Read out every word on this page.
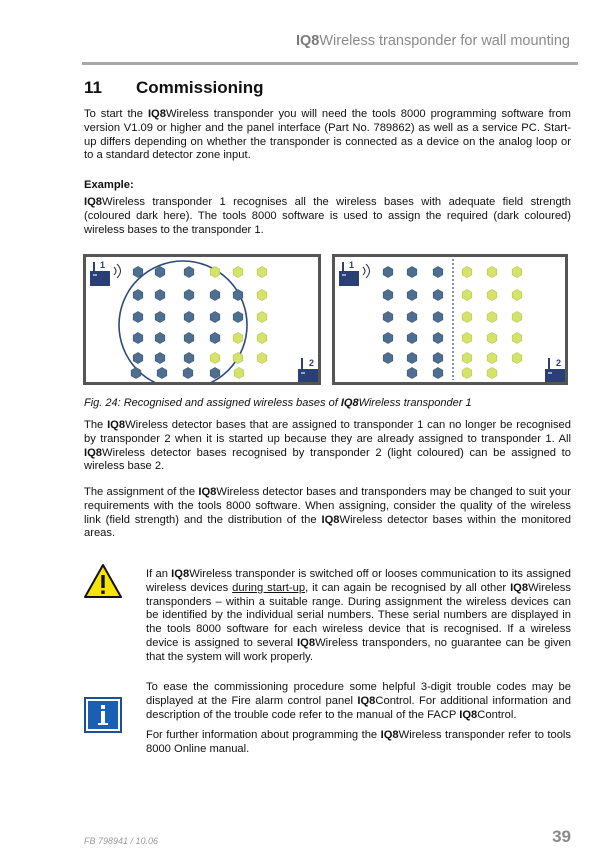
IQ8Wireless transponder for wall mounting
11 Commissioning

To start the IQ8Wireless transponder you will need the tools 8000 programming software from version V1.09 or higher and the panel interface (Part No. 789862) as well as a service PC. Start-up differs depending on whether the transponder is connected as a device on the analog loop or to a standard detector zone input.

Example:

IQ8Wireless transponder 1 recognises all the wireless bases with adequate field strength (coloured dark here). The tools 8000 software is used to assign the required (dark coloured) wireless bases to the transponder 1.

1
2
1
2
Fig. 24: Recognised and assigned wireless bases of IQ8Wireless transponder 1

The IQ8Wireless detector bases that are assigned to transponder 1 can no longer be recognised by transponder 2 when it is started up because they are already assigned to transponder 1. All IQ8Wireless detector bases recognised by transponder 2 (light coloured) can be assigned to wireless base 2.

The assignment of the IQ8Wireless detector bases and transponders may be changed to suit your requirements with the tools 8000 software. When assigning, consider the quality of the wireless link (field strength) and the distribution of the IQ8Wireless detector bases within the monitored areas.

If an IQ8Wireless transponder is switched off or looses communication to its assigned wireless devices during start-up, it can again be recognised by all other IQ8Wireless transponders – within a suitable range. During assignment the wireless devices can be identified by the individual serial numbers. These serial numbers are displayed in the tools 8000 software for each wireless device that is recognised. If a wireless device is assigned to several IQ8Wireless transponders, no guarantee can be given that the system will work properly.

To ease the commissioning procedure some helpful 3-digit trouble codes may be displayed at the Fire alarm control panel IQ8Control. For additional information and description of the trouble code refer to the manual of the FACP IQ8Control.

For further information about programming the IQ8Wireless transponder refer to tools 8000 Online manual.

FB 798941 / 10.06	39
